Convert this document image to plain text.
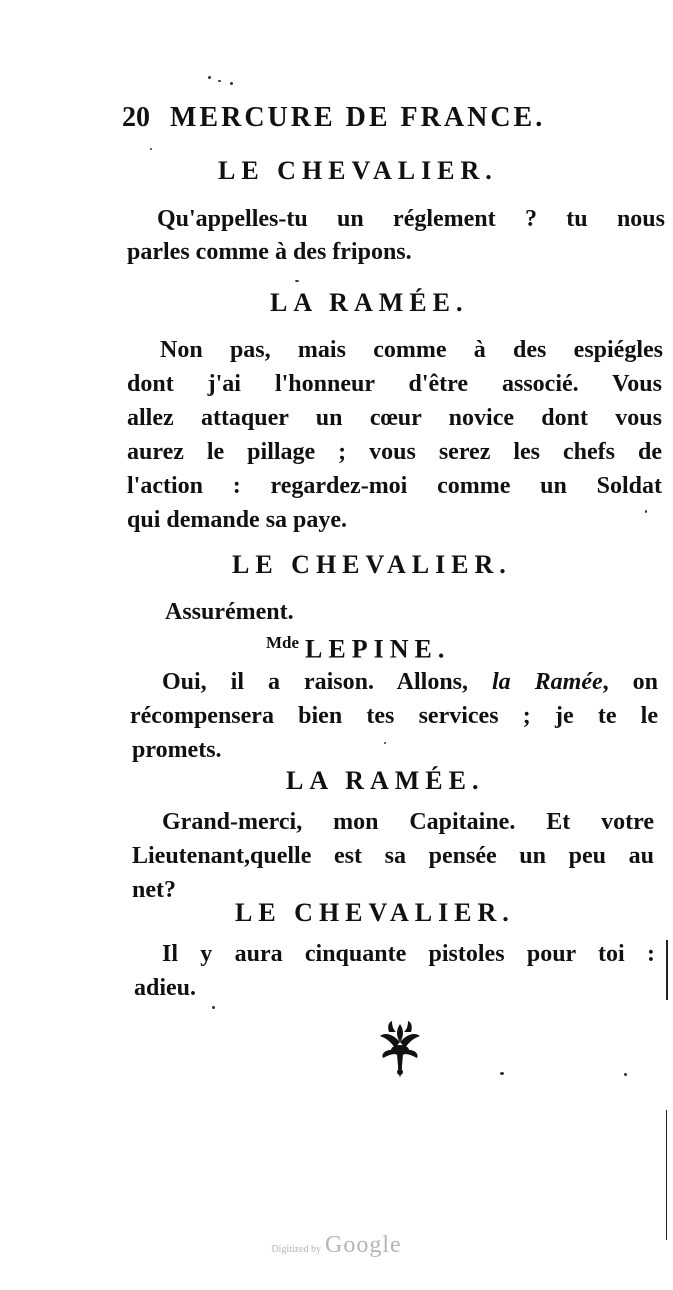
20 MERCURE DE FRANCE.
LE CHEVALIER.
Qu'appelles-tu un réglement ? tu nous
parles comme à des fripons.
LA RAMÉE.
Non pas, mais comme à des espiégles
dont j'ai l'honneur d'être associé. Vous
allez attaquer un cœur novice dont vous
aurez le pillage ; vous serez les chefs de
l'action : regardez-moi comme un Soldat
qui demande sa paye.
LE CHEVALIER.
Assurément.
$^{Mde}$ LEPINE.
Oui, il a raison. Allons, la Ramée, on
récompensera bien tes services ; je te le
promets.
LA RAMÉE.
Grand-merci, mon Capitaine. Et votre
Lieutenant,quelle est sa pensée un peu au
net?
LE CHEVALIER.
Il y aura cinquante pistoles pour toi :
adieu.
Digitized by Google
